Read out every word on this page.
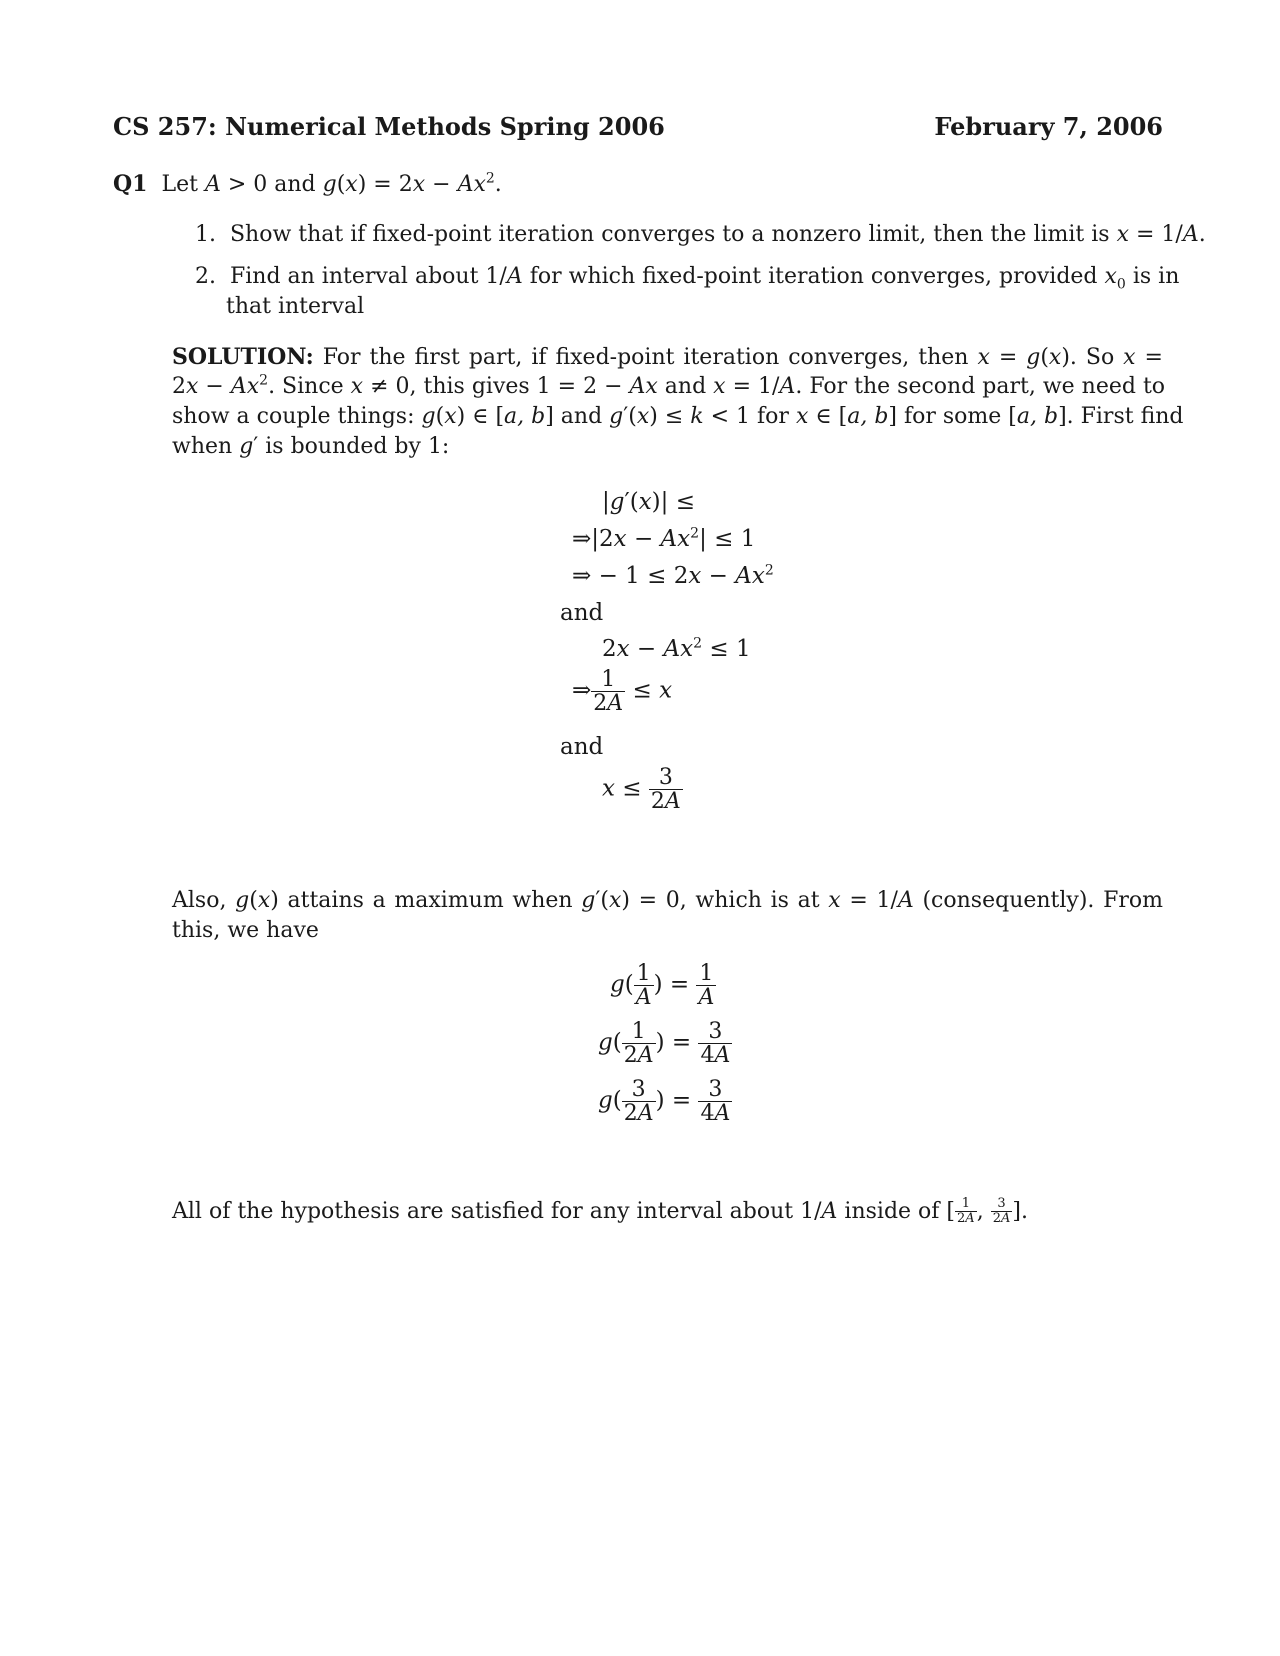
CS 257: Numerical Methods Spring 2006	February 7, 2006
Q1  Let A > 0 and $g(x) = 2x - Ax^2$.
1.  Show that if fixed-point iteration converges to a nonzero limit, then the limit is x = 1/A.
2.  Find an interval about 1/A for which fixed-point iteration converges, provided $x_0$ is in
that interval
SOLUTION: For the first part, if fixed-point iteration converges, then x = g(x). So x =
$2x - Ax^2$. Since x ≠ 0, this gives 1 = 2 − Ax and x = 1/A. For the second part, we need to
show a couple things: g(x) ∈ [a, b] and g′(x) ≤ k < 1 for x ∈ [a, b] for some [a, b]. First find
when g′ is bounded by 1:
|g′(x)| ≤
⇒|2x − $Ax^2| \le 1$
⇒ − $1 \le 2x - Ax^2$
and
$2x - Ax^2 \le 1$
⇒ $\frac{1}{2A} \le x$
and
$x \le \frac{3}{2A}$
Also, g(x) attains a maximum when g′(x) = 0, which is at x = 1/A (consequently). From
this, we have
$g( \frac{1}{A}$ ) = $\frac{1}{A}$
$g( \frac{1}{2A}$ ) = $\frac{3}{4A}$
$g( \frac{3}{2A}$ ) = $\frac{3}{4A}$
All of the hypothesis are satisfied for any interval about 1/A inside of [ $\frac{1}{2A}$ , $\frac{3}{2A}$ ].
